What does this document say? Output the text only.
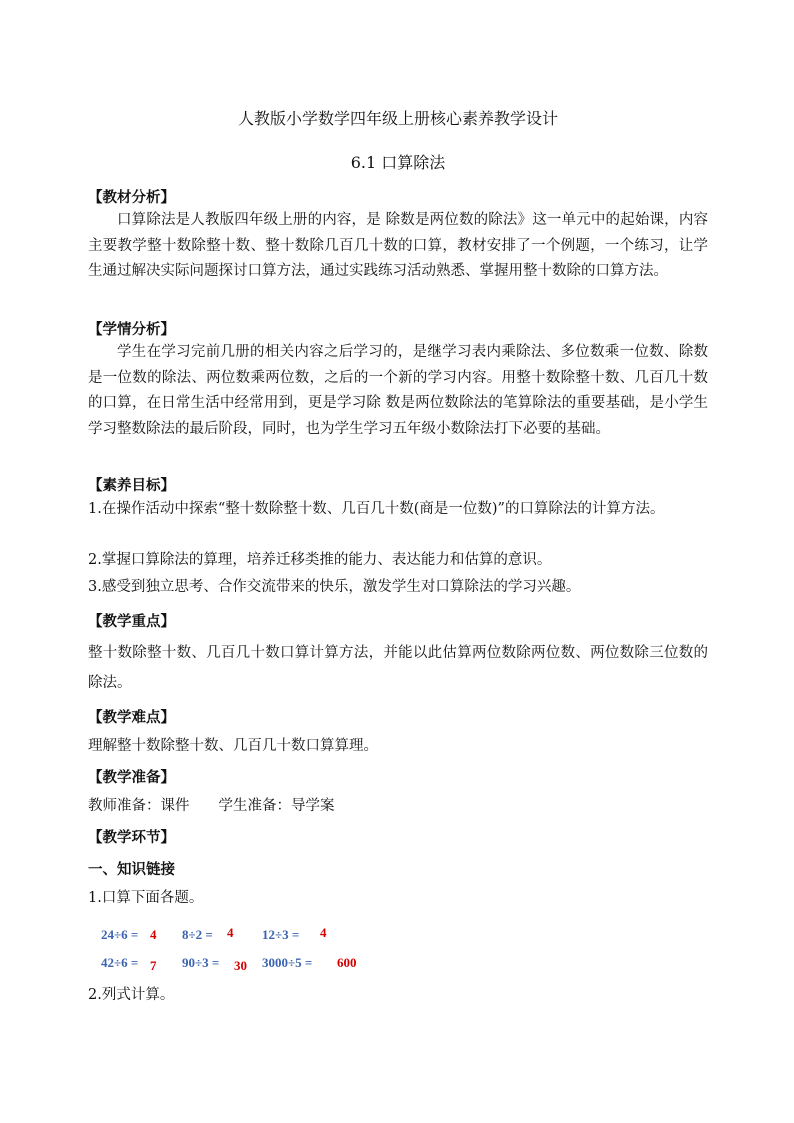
人教版小学数学四年级上册核心素养教学设计
6.1 口算除法
【教材分析】
口算除法是人教版四年级上册的内容，是 除数是两位数的除法》这一单元中的起始课，内容主要教学整十数除整十数、整十数除几百几十数的口算，教材安排了一个例题，一个练习，让学生通过解决实际问题探讨口算方法，通过实践练习活动熟悉、掌握用整十数除的口算方法。
【学情分析】
学生在学习完前几册的相关内容之后学习的，是继学习表内乘除法、多位数乘一位数、除数是一位数的除法、两位数乘两位数，之后的一个新的学习内容。用整十数除整十数、几百几十数的口算，在日常生活中经常用到，更是学习除 数是两位数除法的笔算除法的重要基础，是小学生学习整数除法的最后阶段，同时，也为学生学习五年级小数除法打下必要的基础。
【素养目标】
1.在操作活动中探索“整十数除整十数、几百几十数(商是一位数)”的口算除法的计算方法。
2.掌握口算除法的算理，培养迁移类推的能力、表达能力和估算的意识。
3.感受到独立思考、合作交流带来的快乐，激发学生对口算除法的学习兴趣。
【教学重点】
整十数除整十数、几百几十数口算计算方法，并能以此估算两位数除两位数、两位数除三位数的除法。
【教学难点】
理解整十数除整十数、几百几十数口算算理。
【教学准备】
教师准备：课件　　学生准备：导学案
【教学环节】
一、知识链接
1.口算下面各题。
24÷6 = 4 8÷2 = 4 12÷3 = 4
42÷6 = 7 90÷3 = 30 3000÷5 = 600
2.列式计算。
